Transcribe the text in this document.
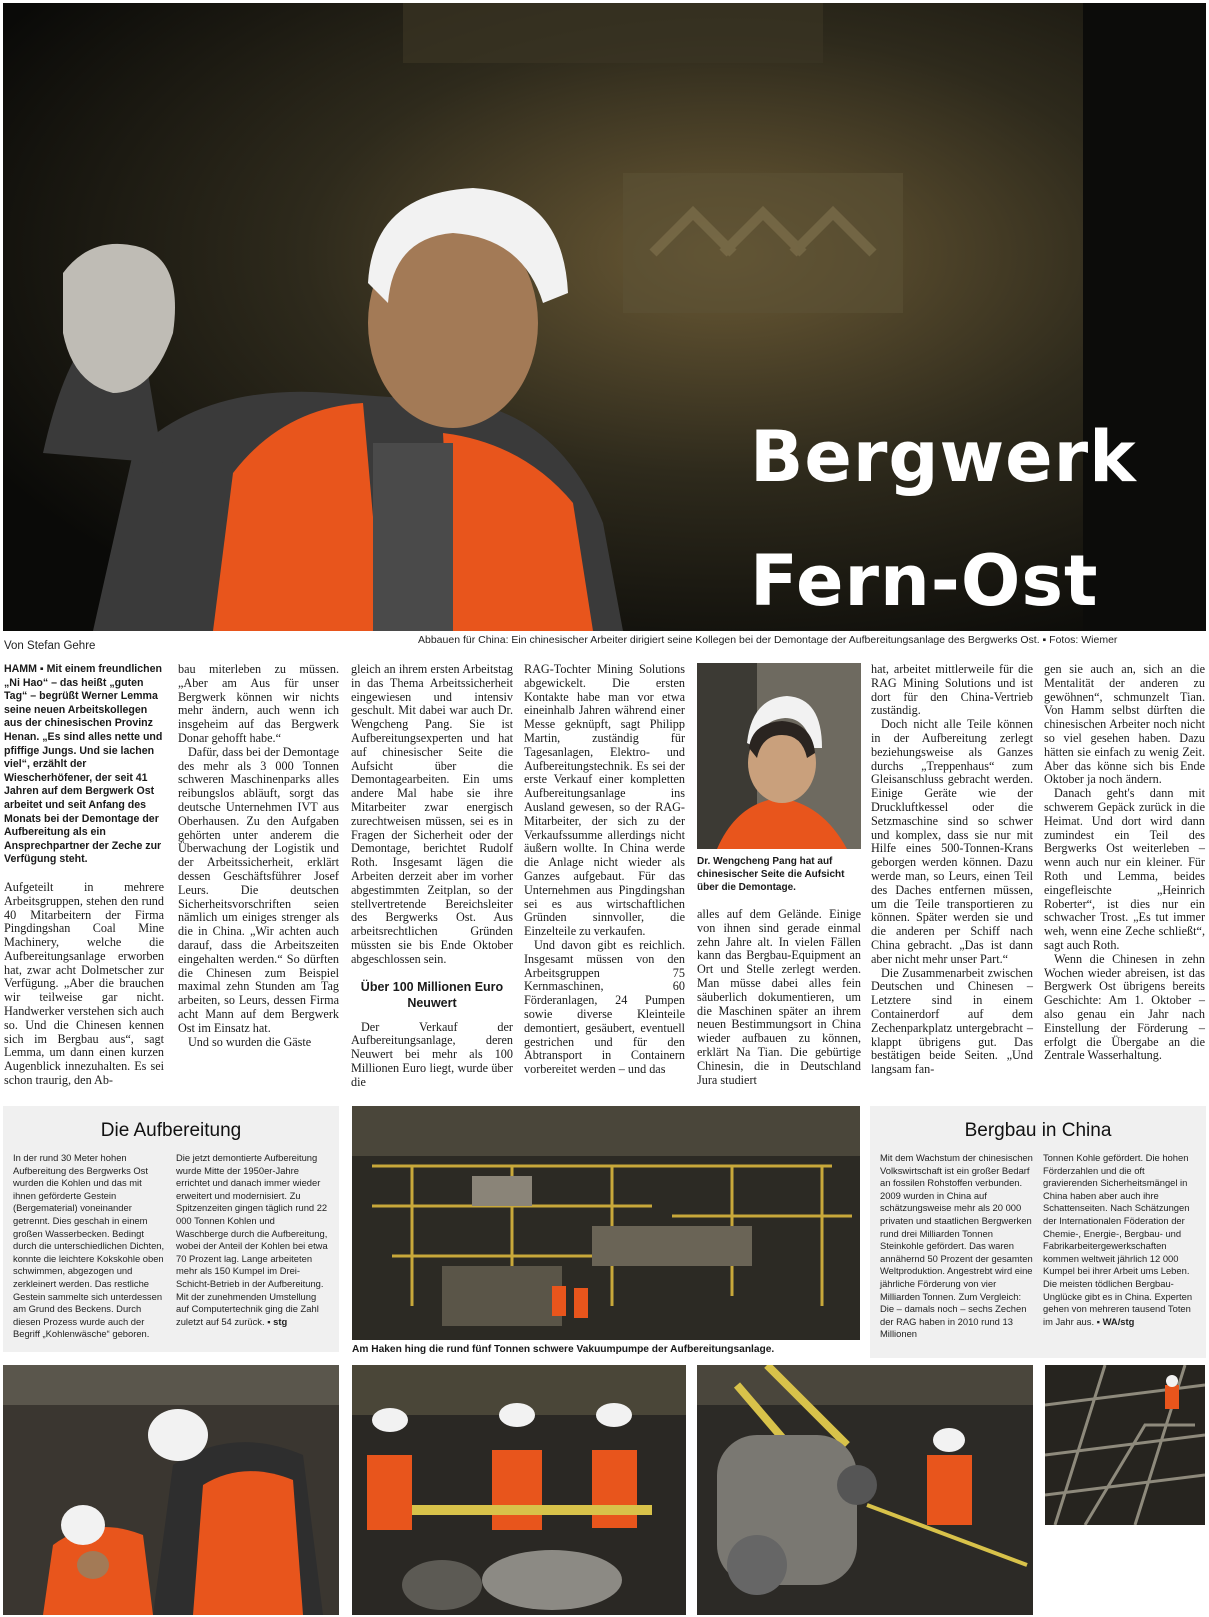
Bergwerk
Fern-Ost
Von Stefan Gehre	Abbauen für China: Ein chinesischer Arbeiter dirigiert seine Kollegen bei der Demontage der Aufbereitungsanlage des Bergwerks Ost. ▪ Fotos: Wiemer
HAMM ▪ Mit einem freundlichen „Ni Hao“ – das heißt „guten Tag“ – begrüßt Werner Lemma seine neuen Arbeitskollegen aus der chinesischen Provinz Henan. „Es sind alles nette und pfiffige Jungs. Und sie lachen viel“, erzählt der Wiescherhöfener, der seit 41 Jahren auf dem Bergwerk Ost arbeitet und seit Anfang des Monats bei der Demontage der Aufbereitung als ein Ansprechpartner der Zeche zur Verfügung steht.

Aufgeteilt in mehrere Arbeitsgruppen, stehen den rund 40 Mitarbeitern der Firma Pingdingshan Coal Mine Machinery, welche die Aufbereitungsanlage erworben hat, zwar acht Dolmetscher zur Verfügung. „Aber die brauchen wir teilweise gar nicht. Handwerker verstehen sich auch so. Und die Chinesen kennen sich im Bergbau aus“, sagt Lemma, um dann einen kurzen Augenblick innezuhalten. Es sei schon traurig, den Ab-

bau miterleben zu müssen. „Aber am Aus für unser Bergwerk können wir nichts mehr ändern, auch wenn ich insgeheim auf das Bergwerk Donar gehofft habe.“

Dafür, dass bei der Demontage des mehr als 3 000 Tonnen schweren Maschinenparks alles reibungslos abläuft, sorgt das deutsche Unternehmen IVT aus Oberhausen. Zu den Aufgaben gehörten unter anderem die Überwachung der Logistik und der Arbeitssicherheit, erklärt dessen Geschäftsführer Josef Leurs. Die deutschen Sicherheitsvorschriften seien nämlich um einiges strenger als die in China. „Wir achten auch darauf, dass die Arbeitszeiten eingehalten werden.“ So dürften die Chinesen zum Beispiel maximal zehn Stunden am Tag arbeiten, so Leurs, dessen Firma acht Mann auf dem Bergwerk Ost im Einsatz hat.

Und so wurden die Gäste

gleich an ihrem ersten Arbeitstag in das Thema Arbeitssicherheit eingewiesen und intensiv geschult. Mit dabei war auch Dr. Wengcheng Pang. Sie ist Aufbereitungsexperten und hat auf chinesischer Seite die Aufsicht über die Demontagearbeiten. Ein ums andere Mal habe sie ihre Mitarbeiter zwar energisch zurechtweisen müssen, sei es in Fragen der Sicherheit oder der Demontage, berichtet Rudolf Roth. Insgesamt lägen die Arbeiten derzeit aber im vorher abgestimmten Zeitplan, so der stellvertretende Bereichsleiter des Bergwerks Ost. Aus arbeitsrechtlichen Gründen müssten sie bis Ende Oktober abgeschlossen sein.

Über 100 Millionen Euro Neuwert

Der Verkauf der Aufbereitungsanlage, deren Neuwert bei mehr als 100 Millionen Euro liegt, wurde über die

RAG-Tochter Mining Solutions abgewickelt. Die ersten Kontakte habe man vor etwa eineinhalb Jahren während einer Messe geknüpft, sagt Philipp Martin, zuständig für Tagesanlagen, Elektro- und Aufbereitungstechnik. Es sei der erste Verkauf einer kompletten Aufbereitungsanlage ins Ausland gewesen, so der RAG-Mitarbeiter, der sich zu der Verkaufssumme allerdings nicht äußern wollte. In China werde die Anlage nicht wieder als Ganzes aufgebaut. Für das Unternehmen aus Pingdingshan sei es aus wirtschaftlichen Gründen sinnvoller, die Einzelteile zu verkaufen.

Und davon gibt es reichlich. Insgesamt müssen von den Arbeitsgruppen 75 Kernmaschinen, 60 Förderanlagen, 24 Pumpen sowie diverse Kleinteile demontiert, gesäubert, eventuell gestrichen und für den Abtransport in Containern vorbereitet werden – und das

Dr. Wengcheng Pang hat auf chinesischer Seite die Aufsicht über die Demontage.

alles auf dem Gelände. Einige von ihnen sind gerade einmal zehn Jahre alt. In vielen Fällen kann das Bergbau-Equipment an Ort und Stelle zerlegt werden. Man müsse dabei alles fein säuberlich dokumentieren, um die Maschinen später an ihrem neuen Bestimmungsort in China wieder aufbauen zu können, erklärt Na Tian. Die gebürtige Chinesin, die in Deutschland Jura studiert

hat, arbeitet mittlerweile für die RAG Mining Solutions und ist dort für den China-Vertrieb zuständig.

Doch nicht alle Teile können in der Aufbereitung zerlegt beziehungsweise als Ganzes durchs „Treppenhaus“ zum Gleisanschluss gebracht werden. Einige Geräte wie der Druckluftkessel oder die Setzmaschine sind so schwer und komplex, dass sie nur mit Hilfe eines 500-Tonnen-Krans geborgen werden können. Dazu werde man, so Leurs, einen Teil des Daches entfernen müssen, um die Teile transportieren zu können. Später werden sie und die anderen per Schiff nach China gebracht. „Das ist dann aber nicht mehr unser Part.“

Die Zusammenarbeit zwischen Deutschen und Chinesen – Letztere sind in einem Containerdorf auf dem Zechenparkplatz untergebracht – klappt übrigens gut. Das bestätigen beide Seiten. „Und langsam fan-

gen sie auch an, sich an die Mentalität der anderen zu gewöhnen“, schmunzelt Tian. Von Hamm selbst dürften die chinesischen Arbeiter noch nicht so viel gesehen haben. Dazu hätten sie einfach zu wenig Zeit. Aber das könne sich bis Ende Oktober ja noch ändern.

Danach geht's dann mit schwerem Gepäck zurück in die Heimat. Und dort wird dann zumindest ein Teil des Bergwerks Ost weiterleben – wenn auch nur ein kleiner. Für Roth und Lemma, beides eingefleischte „Heinrich Roberter“, ist dies nur ein schwacher Trost. „Es tut immer weh, wenn eine Zeche schließt“, sagt auch Roth.

Wenn die Chinesen in zehn Wochen wieder abreisen, ist das Bergwerk Ost übrigens bereits Geschichte: Am 1. Oktober – also genau ein Jahr nach Einstellung der Förderung – erfolgt die Übergabe an die Zentrale Wasserhaltung.

Die Aufbereitung
In der rund 30 Meter hohen Aufbereitung des Bergwerks Ost wurden die Kohlen und das mit ihnen geförderte Gestein (Bergematerial) voneinander getrennt. Dies geschah in einem großen Wasserbecken. Bedingt durch die unterschiedlichen Dichten, konnte die leichtere Kokskohle oben schwimmen, abgezogen und zerkleinert werden. Das restliche Gestein sammelte sich unterdessen am Grund des Beckens. Durch diesen Prozess wurde auch der Begriff „Kohlenwäsche“ geboren.
Die jetzt demontierte Aufbereitung wurde Mitte der 1950er-Jahre errichtet und danach immer wieder erweitert und modernisiert. Zu Spitzenzeiten gingen täglich rund 22 000 Tonnen Kohlen und Waschberge durch die Aufbereitung, wobei der Anteil der Kohlen bei etwa 70 Prozent lag. Lange arbeiteten mehr als 150 Kumpel im Drei-Schicht-Betrieb in der Aufbereitung. Mit der zunehmenden Umstellung auf Computertechnik ging die Zahl zuletzt auf 54 zurück. ▪ stg
Am Haken hing die rund fünf Tonnen schwere Vakuumpumpe der Aufbereitungsanlage.
Bergbau in China
Mit dem Wachstum der chinesischen Volkswirtschaft ist ein großer Bedarf an fossilen Rohstoffen verbunden. 2009 wurden in China auf schätzungsweise mehr als 20 000 privaten und staatlichen Bergwerken rund drei Milliarden Tonnen Steinkohle gefördert. Das waren annähernd 50 Prozent der gesamten Weltproduktion. Angestrebt wird eine jährliche Förderung von vier Milliarden Tonnen. Zum Vergleich: Die – damals noch – sechs Zechen der RAG haben in 2010 rund 13 Millionen
Tonnen Kohle gefördert. Die hohen Förderzahlen und die oft gravierenden Sicherheitsmängel in China haben aber auch ihre Schattenseiten. Nach Schätzungen der Internationalen Föderation der Chemie-, Energie-, Bergbau- und Fabrikarbeitergewerkschaften kommen weltweit jährlich 12 000 Kumpel bei ihrer Arbeit ums Leben. Die meisten tödlichen Bergbau-Unglücke gibt es in China. Experten gehen von mehreren tausend Toten im Jahr aus. ▪ WA/stg
